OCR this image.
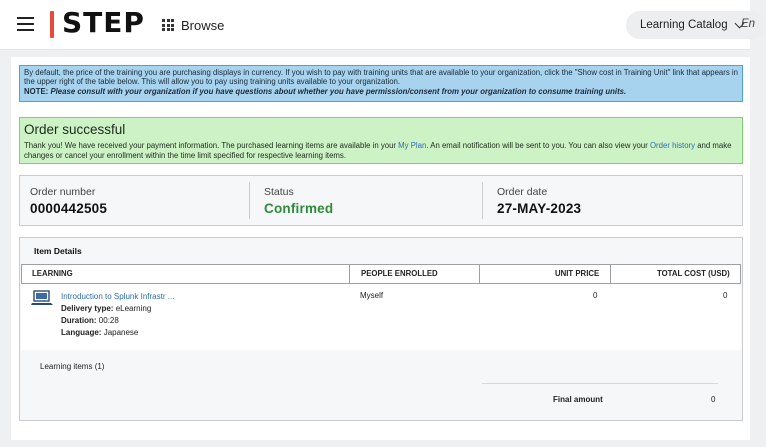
STEP	Browse	Learning Catalog En
By default, the price of the training you are purchasing displays in currency. If you wish to pay with training units that are available to your organization, click the "Show cost in Training Unit" link that appears in the upper right of the table below. This will allow you to pay using training units available to your organization.
NOTE: Please consult with your organization if you have questions about whether you have permission/consent from your organization to consume training units.
Order successful
Thank you! We have received your payment information. The purchased learning items are available in your My Plan. An email notification will be sent to you. You can also view your Order history and make changes or cancel your enrollment within the time limit specified for respective learning items.
Order number
0000442505
Status
Confirmed
Order date
27-MAY-2023
Item Details
LEARNING	PEOPLE ENROLLED	UNIT PRICE	TOTAL COST (USD)
Introduction to Splunk Infrastr ...
Delivery type: eLearning
Duration: 00:28
Language: Japanese
Myself	0	0
Learning items (1)
Final amount	0
